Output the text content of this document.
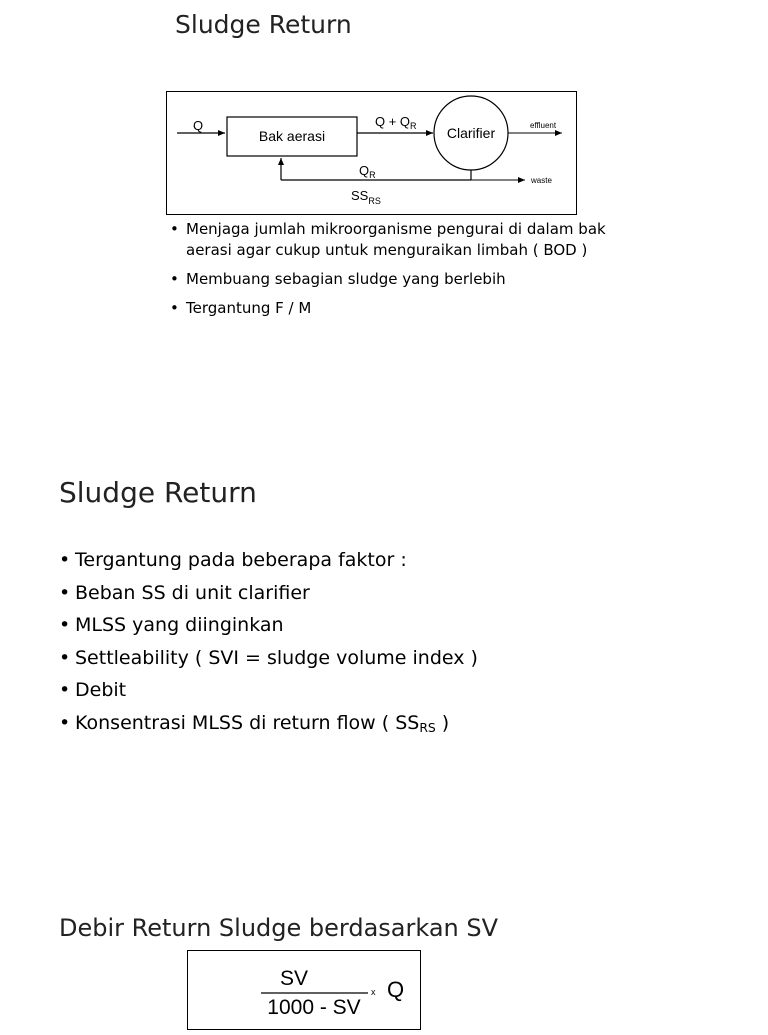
Sludge Return
Q
Bak aerasi
$Q + Q_R$ Clarifier	effluent
waste
$Q_R$
$SS_{RS}$
• Menjaga jumlah mikroorganisme pengurai di dalam bak aerasi agar cukup untuk menguraikan limbah ( BOD )
• Membuang sebagian sludge yang berlebih
• Tergantung F / M
Sludge Return
• Tergantung pada beberapa faktor :
• Beban SS di unit clarifier
• MLSS yang diinginkan
• Settleability ( SVI = sludge volume index )
• Debit
• Konsentrasi MLSS di return flow ( $SS_{RS}$ )
Debir Return Sludge berdasarkan SV
SV
1000 - SV
x Q
